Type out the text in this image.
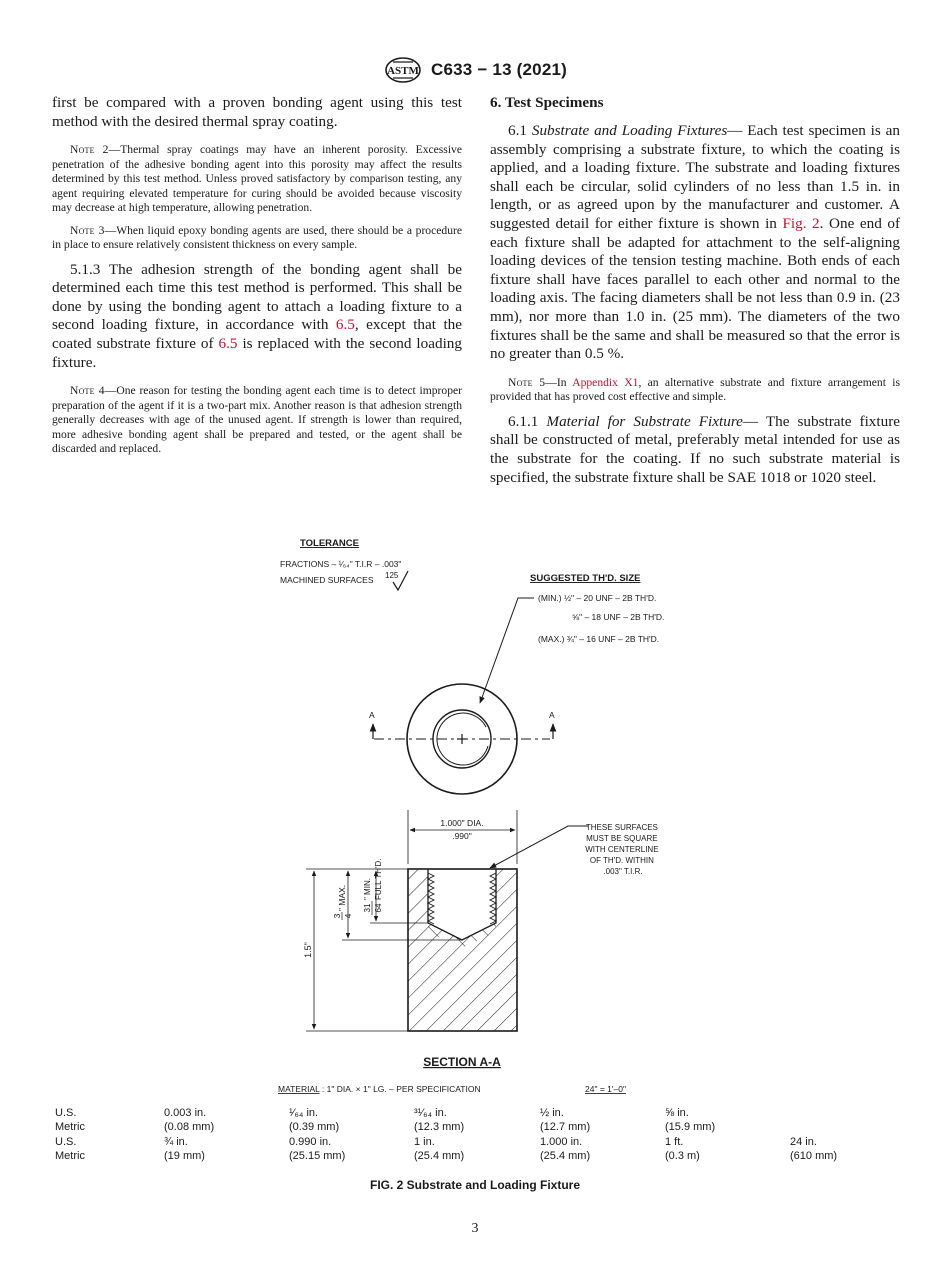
ASTM C633 − 13 (2021)

first be compared with a proven bonding agent using this test method with the desired thermal spray coating.

Note 2—Thermal spray coatings may have an inherent porosity. Excessive penetration of the adhesive bonding agent into this porosity may affect the results determined by this test method. Unless proved satisfactory by comparison testing, any agent requiring elevated temperature for curing should be avoided because viscosity may decrease at high temperature, allowing penetration.

Note 3—When liquid epoxy bonding agents are used, there should be a procedure in place to ensure relatively consistent thickness on every sample.

5.1.3 The adhesion strength of the bonding agent shall be determined each time this test method is performed. This shall be done by using the bonding agent to attach a loading fixture to a second loading fixture, in accordance with 6.5, except that the coated substrate fixture of 6.5 is replaced with the second loading fixture.

Note 4—One reason for testing the bonding agent each time is to detect improper preparation of the agent if it is a two-part mix. Another reason is that adhesion strength generally decreases with age of the unused agent. If strength is lower than required, more adhesive bonding agent shall be prepared and tested, or the agent shall be discarded and replaced.

6. Test Specimens

6.1 Substrate and Loading Fixtures— Each test specimen is an assembly comprising a substrate fixture, to which the coating is applied, and a loading fixture. The substrate and loading fixtures shall each be circular, solid cylinders of no less than 1.5 in. in length, or as agreed upon by the manufacturer and customer. A suggested detail for either fixture is shown in Fig. 2. One end of each fixture shall be adapted for attachment to the self-aligning loading devices of the tension testing machine. Both ends of each fixture shall have faces parallel to each other and normal to the loading axis. The facing diameters shall be not less than 0.9 in. (23 mm), nor more than 1.0 in. (25 mm). The diameters of the two fixtures shall be the same and shall be measured so that the error is no greater than 0.5 %.

Note 5—In Appendix X1, an alternative substrate and fixture arrangement is provided that has proved cost effective and simple.

6.1.1 Material for Substrate Fixture— The substrate fixture shall be constructed of metal, preferably metal intended for use as the substrate for the coating. If no such substrate material is specified, the substrate fixture shall be SAE 1018 or 1020 steel.

TOLERANCE
FRACTIONS – ¹⁄₆₄" T.I.R – .003"
MACHINED SURFACES 125	SUGGESTED TH'D. SIZE
(MIN.) ½" – 20 UNF – 2B TH'D.
⅝" – 18 UNF – 2B TH'D.
(MAX.) ¾" – 16 UNF – 2B TH'D.
A	A
1.000" DIA.
.990"
THESE SURFACES MUST BE SQUARE WITH CENTERLINE OF TH'D. WITHIN .003" T.I.R.
1.5"
3 4
" MAX. 31 64
" MIN. FULL TH'D.
SECTION A-A
MATERIAL : 1" DIA. × 1" LG. – PER SPECIFICATION	24" = 1'–0"
U.S.	0.003 in.	¹⁄₆₄ in.	³¹⁄₆₄ in.	½ in.	⅝ in.	
Metric	(0.08 mm)	(0.39 mm)	(12.3 mm)	(12.7 mm)	(15.9 mm)	
U.S.	¾ in.	0.990 in.	1 in.	1.000 in.	1 ft.	24 in.
Metric	(19 mm)	(25.15 mm)	(25.4 mm)	(25.4 mm)	(0.3 m)	(610 mm)
FIG. 2 Substrate and Loading Fixture
3
